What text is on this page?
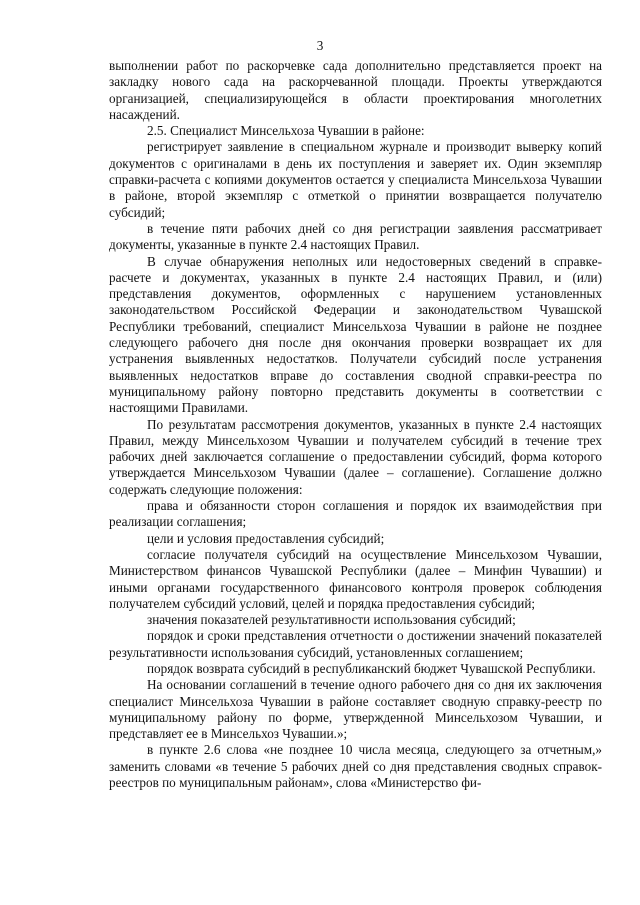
3

выполнении работ по раскорчевке сада дополнительно представляется проект на закладку нового сада на раскорчеванной площади. Проекты утверждаются организацией, специализирующейся в области проектирования многолетних насаждений.

2.5. Специалист Минсельхоза Чувашии в районе:

регистрирует заявление в специальном журнале и производит выверку копий документов с оригиналами в день их поступления и заверяет их. Один экземпляр справки-расчета с копиями документов остается у специалиста Минсельхоза Чувашии в районе, второй экземпляр с отметкой о принятии возвращается получателю субсидий;

в течение пяти рабочих дней со дня регистрации заявления рассматривает документы, указанные в пункте 2.4 настоящих Правил.

В случае обнаружения неполных или недостоверных сведений в справке-расчете и документах, указанных в пункте 2.4 настоящих Правил, и (или) представления документов, оформленных с нарушением установленных законодательством Российской Федерации и законодательством Чувашской Республики требований, специалист Минсельхоза Чувашии в районе не позднее следующего рабочего дня после дня окончания проверки возвращает их для устранения выявленных недостатков. Получатели субсидий после устранения выявленных недостатков вправе до составления сводной справки-реестра по муниципальному району повторно представить документы в соответствии с настоящими Правилами.

По результатам рассмотрения документов, указанных в пункте 2.4 настоящих Правил, между Минсельхозом Чувашии и получателем субсидий в течение трех рабочих дней заключается соглашение о предоставлении субсидий, форма которого утверждается Минсельхозом Чувашии (далее – соглашение). Соглашение должно содержать следующие положения:

права и обязанности сторон соглашения и порядок их взаимодействия при реализации соглашения;

цели и условия предоставления субсидий;

согласие получателя субсидий на осуществление Минсельхозом Чувашии, Министерством финансов Чувашской Республики (далее – Минфин Чувашии) и иными органами государственного финансового контроля проверок соблюдения получателем субсидий условий, целей и порядка предоставления субсидий;

значения показателей результативности использования субсидий;

порядок и сроки представления отчетности о достижении значений показателей результативности использования субсидий, установленных соглашением;

порядок возврата субсидий в республиканский бюджет Чувашской Республики.

На основании соглашений в течение одного рабочего дня со дня их заключения специалист Минсельхоза Чувашии в районе составляет сводную справку-реестр по муниципальному району по форме, утвержденной Минсельхозом Чувашии, и представляет ее в Минсельхоз Чувашии.»;

в пункте 2.6 слова «не позднее 10 числа месяца, следующего за отчетным,» заменить словами «в течение 5 рабочих дней со дня представления сводных справок-реестров по муниципальным районам», слова «Министерство фи-
